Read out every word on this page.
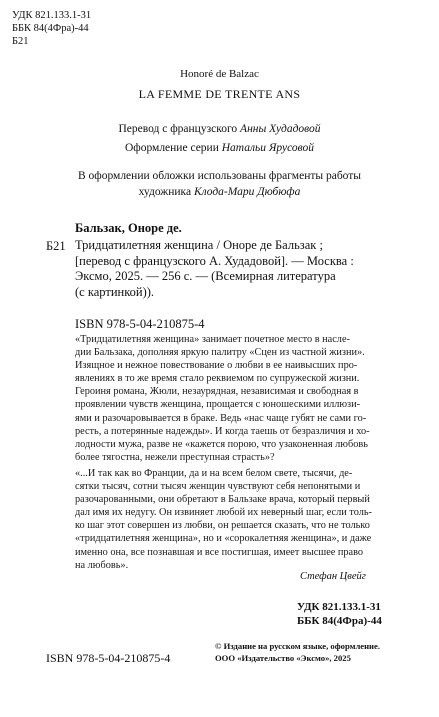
УДК 821.133.1-31
ББК 84(4Фра)-44
Б21
Honoré de Balzac
LA FEMME DE TRENTE ANS
Перевод с французского Анны Худадовой
Оформление серии Натальи Ярусовой
В оформлении обложки использованы фрагменты работы
художника Клода-Мари Дюбюфа
Бальзак, Оноре де.
Б21 Тридцатилетняя женщина / Оноре де Бальзак ;
[перевод с французского А. Худадовой]. — Москва :
Эксмо, 2025. — 256 с. — (Всемирная литература
(с картинкой)).
ISBN 978-5-04-210875-4
«Тридцатилетняя женщина» занимает почетное место в насле-
дии Бальзака, дополняя яркую палитру «Сцен из частной жизни».
Изящное и нежное повествование о любви в ее наивысших про-
явлениях в то же время стало реквиемом по супружеской жизни.
Героиня романа, Жюли, незаурядная, независимая и свободная в
проявлении чувств женщина, прощается с юношескими иллюзи-
ями и разочаровывается в браке. Ведь «нас чаще губят не сами го-
ресть, а потерянные надежды». И когда таешь от безразличия и хо-
лодности мужа, разве не «кажется порою, что узаконенная любовь
более тягостна, нежели преступная страсть»?
«...И так как во Франции, да и на всем белом свете, тысячи, де-
сятки тысяч, сотни тысяч женщин чувствуют себя непонятыми и
разочарованными, они обретают в Бальзаке врача, который первый
дал имя их недугу. Он извиняет любой их неверный шаг, если толь-
ко шаг этот совершен из любви, он решается сказать, что не только
«тридцатилетняя женщина», но и «сорокалетняя женщина», и даже
именно она, все познавшая и все постигшая, имеет высшее право
на любовь».
Стефан Цвейг
УДК 821.133.1-31
ББК 84(4Фра)-44
ISBN 978-5-04-210875-4
© Издание на русском языке, оформление.
ООО «Издательство «Эксмо», 2025
